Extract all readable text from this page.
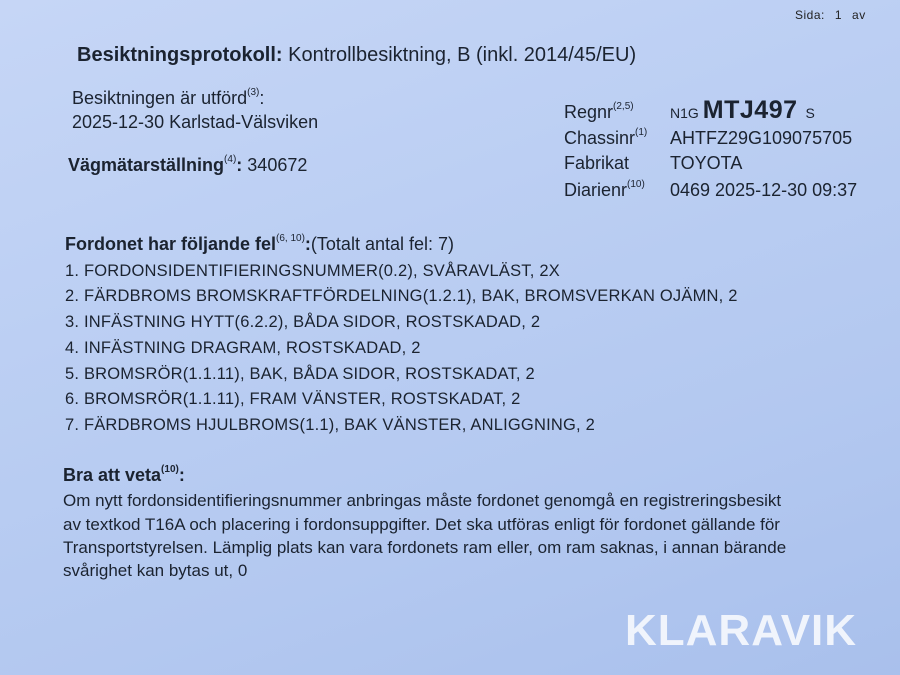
Sida: 1 av
Besiktningsprotokoll: Kontrollbesiktning, B (inkl. 2014/45/EU)
Besiktningen är utförd$^{(3)}$:
2025-12-30 Karlstad-Välsviken
Vägmätarställning$^{(4)}$: 340672
Regnr$^{(2,5)}$	N1G MTJ497 S
Chassinr$^{(1)}$ AHTFZ29G109075705
Fabrikat TOYOTA
Diarienr$^{(10)}$ 0469 2025-12-30 09:37
Fordonet har följande fel$^{(6, 10)}$:(Totalt antal fel: 7)
1. FORDONSIDENTIFIERINGSNUMMER(0.2), SVÅRAVLÄST, 2X
2. FÄRDBROMS BROMSKRAFTFÖRDELNING(1.2.1), BAK, BROMSVERKAN OJÄMN, 2
3. INFÄSTNING HYTT(6.2.2), BÅDA SIDOR, ROSTSKADAD, 2
4. INFÄSTNING DRAGRAM, ROSTSKADAD, 2
5. BROMSRÖR(1.1.11), BAK, BÅDA SIDOR, ROSTSKADAT, 2
6. BROMSRÖR(1.1.11), FRAM VÄNSTER, ROSTSKADAT, 2
7. FÄRDBROMS HJULBROMS(1.1), BAK VÄNSTER, ANLIGGNING, 2
Bra att veta$^{(10)}$:
Om nytt fordonsidentifieringsnummer anbringas måste fordonet genomgå en registreringsbesikt
av textkod T16A och placering i fordonsuppgifter. Det ska utföras enligt för fordonet gällande för
Transportstyrelsen. Lämplig plats kan vara fordonets ram eller, om ram saknas, i annan bärande
svårighet kan bytas ut, 0
KLARAVIK
